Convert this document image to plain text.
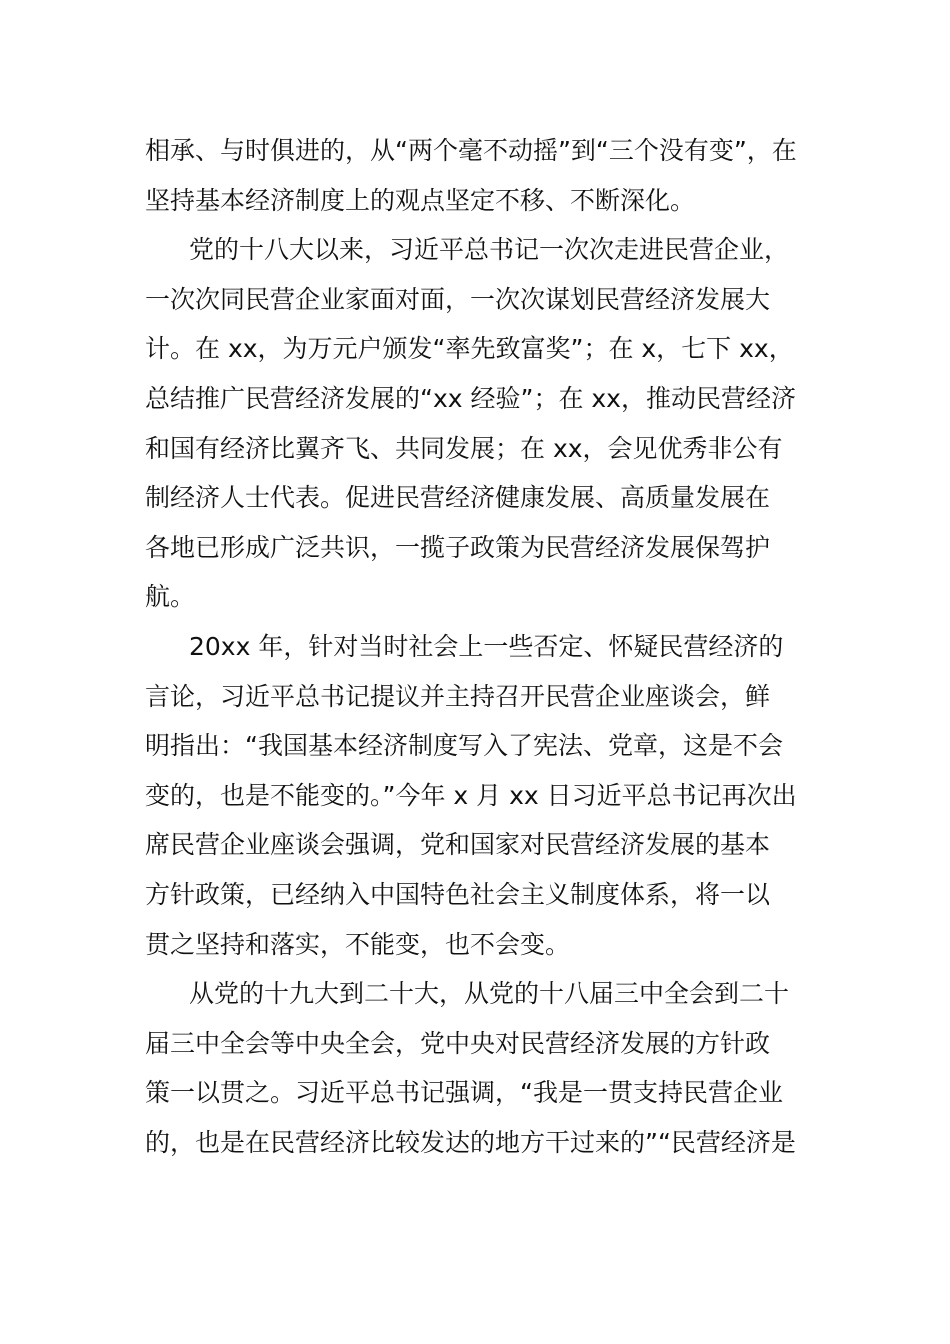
相承、与时俱进的，从“两个毫不动摇”到“三个没有变”，在
坚持基本经济制度上的观点坚定不移、不断深化。
党的十八大以来，习近平总书记一次次走进民营企业，
一次次同民营企业家面对面，一次次谋划民营经济发展大
计。在 xx，为万元户颁发“率先致富奖”；在 x，七下 xx，
总结推广民营经济发展的“xx 经验”；在 xx，推动民营经济
和国有经济比翼齐飞、共同发展；在 xx，会见优秀非公有
制经济人士代表。促进民营经济健康发展、高质量发展在
各地已形成广泛共识，一揽子政策为民营经济发展保驾护
航。
20xx 年，针对当时社会上一些否定、怀疑民营经济的
言论，习近平总书记提议并主持召开民营企业座谈会，鲜
明指出：“我国基本经济制度写入了宪法、党章，这是不会
变的，也是不能变的。”今年 x 月 xx 日习近平总书记再次出
席民营企业座谈会强调，党和国家对民营经济发展的基本
方针政策，已经纳入中国特色社会主义制度体系，将一以
贯之坚持和落实，不能变，也不会变。
从党的十九大到二十大，从党的十八届三中全会到二十
届三中全会等中央全会，党中央对民营经济发展的方针政
策一以贯之。习近平总书记强调，“我是一贯支持民营企业
的，也是在民营经济比较发达的地方干过来的”“民营经济是
